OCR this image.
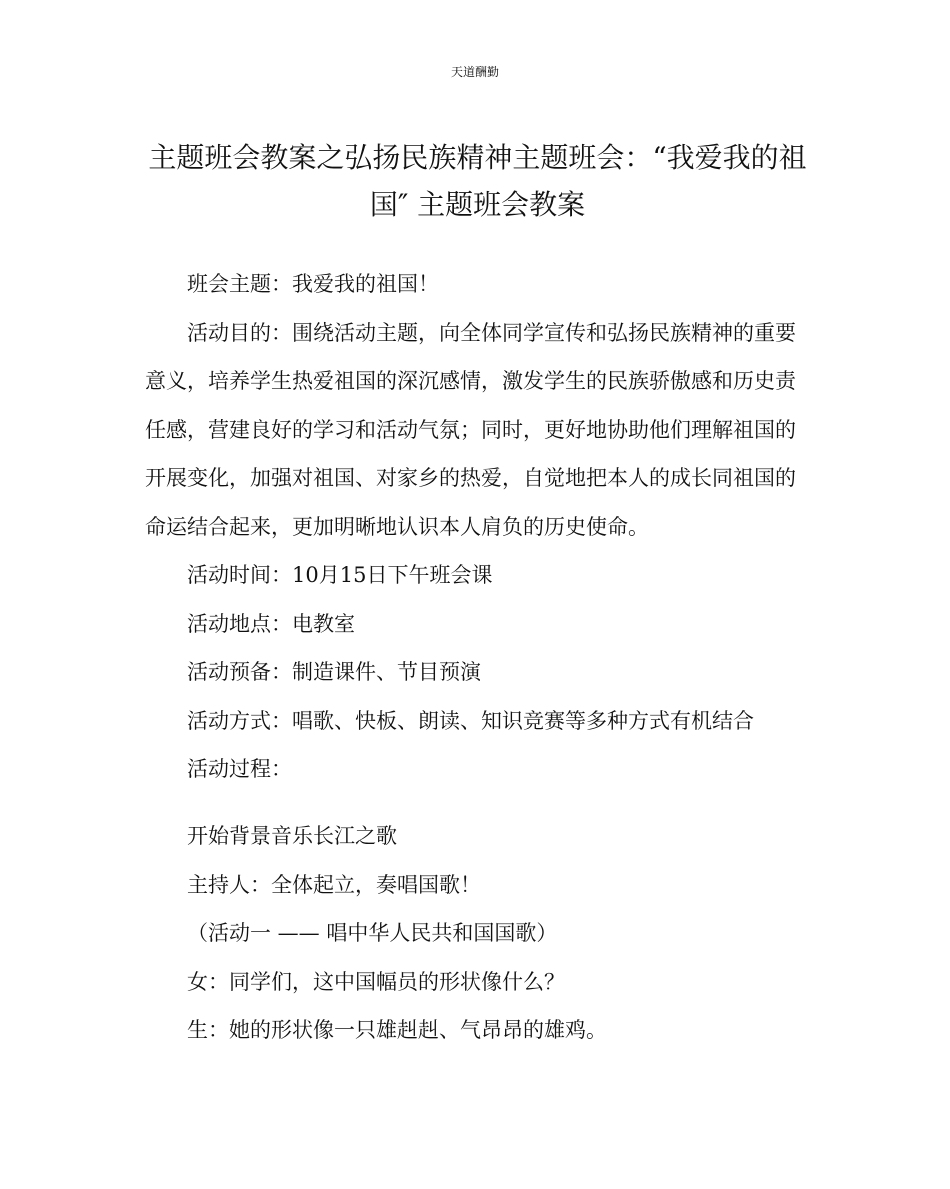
天道酬勤
主题班会教案之弘扬民族精神主题班会：“我爱我的祖
国″ 主题班会教案

班会主题：我爱我的祖国！

活动目的：围绕活动主题，向全体同学宣传和弘扬民族精神的重要意义，培养学生热爱祖国的深沉感情，激发学生的民族骄傲感和历史责任感，营建良好的学习和活动气氛；同时，更好地协助他们理解祖国的开展变化，加强对祖国、对家乡的热爱，自觉地把本人的成长同祖国的命运结合起来，更加明晰地认识本人肩负的历史使命。

活动时间：10月15日下午班会课

活动地点：电教室

活动预备：制造课件、节目预演

活动方式：唱歌、快板、朗读、知识竞赛等多种方式有机结合

活动过程：

开始背景音乐长江之歌

主持人：全体起立，奏唱国歌！

（活动一 —— 唱中华人民共和国国歌）

女：同学们，这中国幅员的形状像什么？

生：她的形状像一只雄赳赳、气昂昂的雄鸡。
